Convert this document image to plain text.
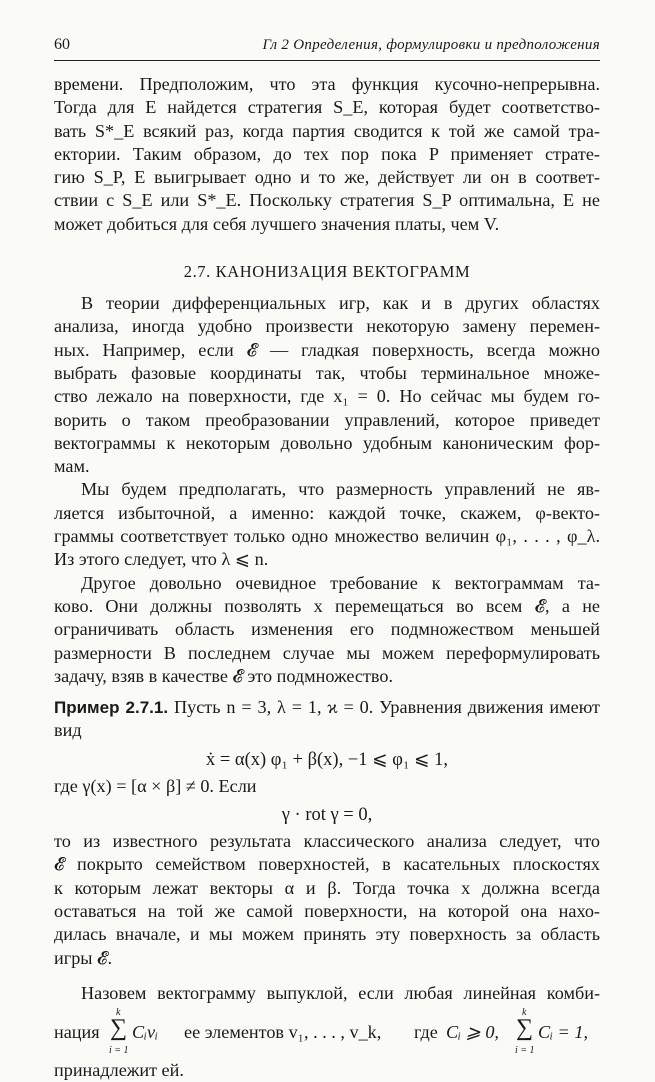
60	Гл 2 Определения, формулировки и предположения

времени. Предположим, что эта функция кусочно-непрерывна.
Тогда для E найдется стратегия S_E, которая будет соответство-
вать S*_E всякий раз, когда партия сводится к той же самой тра-
ектории. Таким образом, до тех пор пока P применяет страте-
гию S_P, E выигрывает одно и то же, действует ли он в соответ-
ствии с S_E или S*_E. Поскольку стратегия S_P оптимальна, E не
может добиться для себя лучшего значения платы, чем V.

2.7. КАНОНИЗАЦИЯ ВЕКТОГРАММ

В теории дифференциальных игр, как и в других областях
анализа, иногда удобно произвести некоторую замену перемен-
ных. Например, если 𝓔 — гладкая поверхность, всегда можно
выбрать фазовые координаты так, чтобы терминальное множе-
ство лежало на поверхности, где x₁ = 0. Но сейчас мы будем го-
ворить о таком преобразовании управлений, которое приведет
вектограммы к некоторым довольно удобным каноническим фор-
мам.

Мы будем предполагать, что размерность управлений не яв-
ляется избыточной, а именно: каждой точке, скажем, φ-векто-
граммы соответствует только одно множество величин φ₁, . . . , φ_λ.
Из этого следует, что λ ⩽ n.

Другое довольно очевидное требование к вектограммам та-
ково. Они должны позволять x перемещаться во всем 𝓔, а не
ограничивать область изменения его подмножеством меньшей
размерности В последнем случае мы можем переформулировать
задачу, взяв в качестве 𝓔 это подмножество.

Пример 2.7.1. Пусть n = 3, λ = 1, ϰ = 0. Уравнения движения имеют
вид

ẋ = α(x) φ₁ + β(x), −1 ⩽ φ₁ ⩽ 1,

где γ(x) = [α × β] ≠ 0. Если

γ · rot γ = 0,

то из известного результата классического анализа следует, что
𝓔 покрыто семейством поверхностей, в касательных плоскостях
к которым лежат векторы α и β. Тогда точка x должна всегда
оставаться на той же самой поверхности, на которой она нахо-
дилась вначале, и мы можем принять эту поверхность за область
игры 𝓔.

Назовем вектограмму выпуклой, если любая линейная комби-

нация
k
∑
i = 1
Cᵢvᵢ ее элементов v₁, . . . , v_k, где Cᵢ ⩾ 0,
k
∑
i = 1
Cᵢ = 1,

принадлежит ей.
